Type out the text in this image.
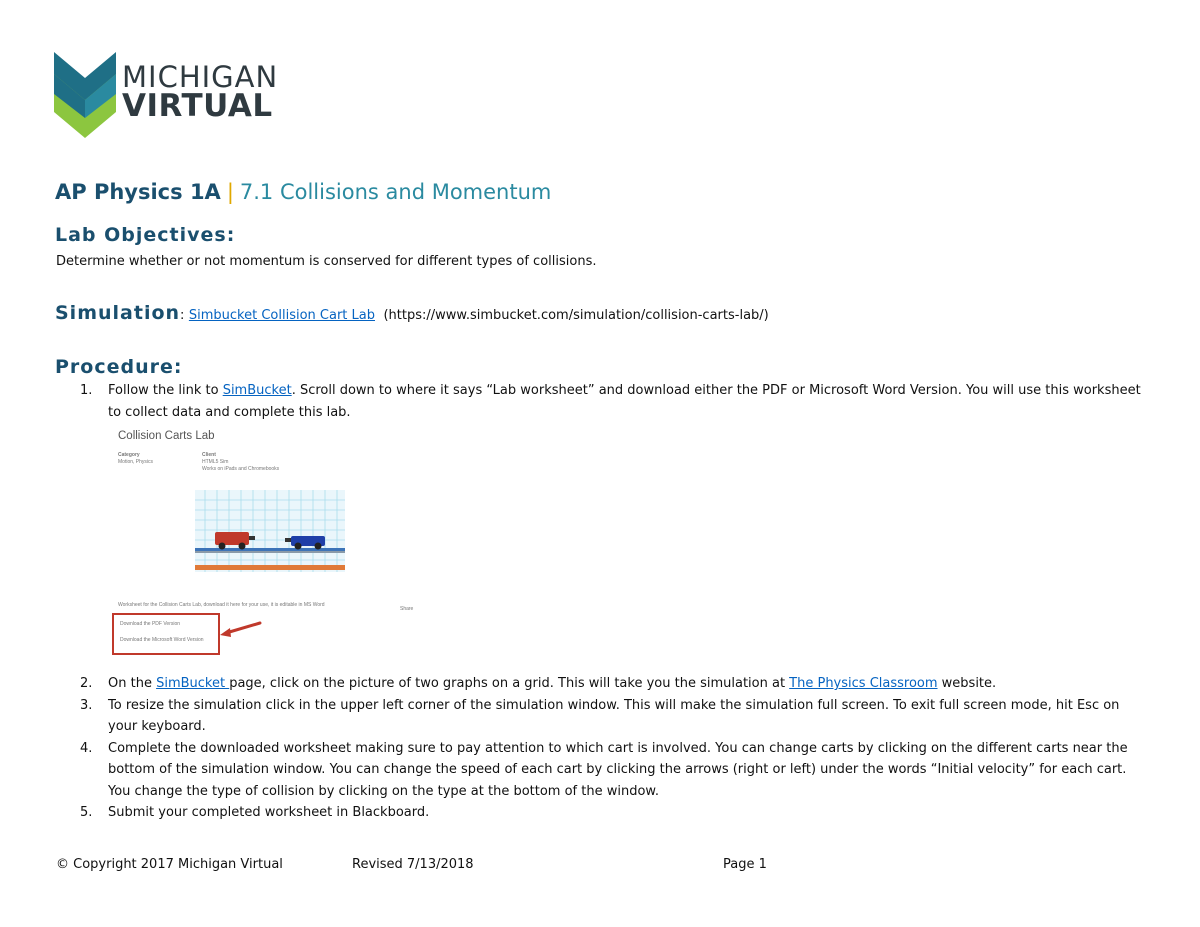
MICHIGAN
VIRTUAL
AP Physics 1A | 7.1 Collisions and Momentum
Lab Objectives:
Determine whether or not momentum is conserved for different types of collisions.
Simulation: Simbucket Collision Cart Lab (https://www.simbucket.com/simulation/collision-carts-lab/)
Procedure:
1. Follow the link to SimBucket. Scroll down to where it says “Lab worksheet” and download either the PDF or Microsoft Word Version. You will use this worksheet to collect data and complete this lab.
2. On the SimBucket page, click on the picture of two graphs on a grid. This will take you the simulation at The Physics Classroom website.
3. To resize the simulation click in the upper left corner of the simulation window. This will make the simulation full screen. To exit full screen mode, hit Esc on your keyboard.
4. Complete the downloaded worksheet making sure to pay attention to which cart is involved. You can change carts by clicking on the different carts near the bottom of the simulation window. You can change the speed of each cart by clicking the arrows (right or left) under the words “Initial velocity” for each cart. You change the type of collision by clicking on the type at the bottom of the window.
5. Submit your completed worksheet in Blackboard.
Collision Carts Lab
Category
Motion, Physics
Client
HTML5 Sim
Works on iPads and Chromebooks
Worksheet for the Collision Carts Lab, download it here for your use, it is editable in MS Word
Share
Download the PDF Version
Download the Microsoft Word Version
© Copyright 2017 Michigan Virtual	Revised 7/13/2018	Page 1
